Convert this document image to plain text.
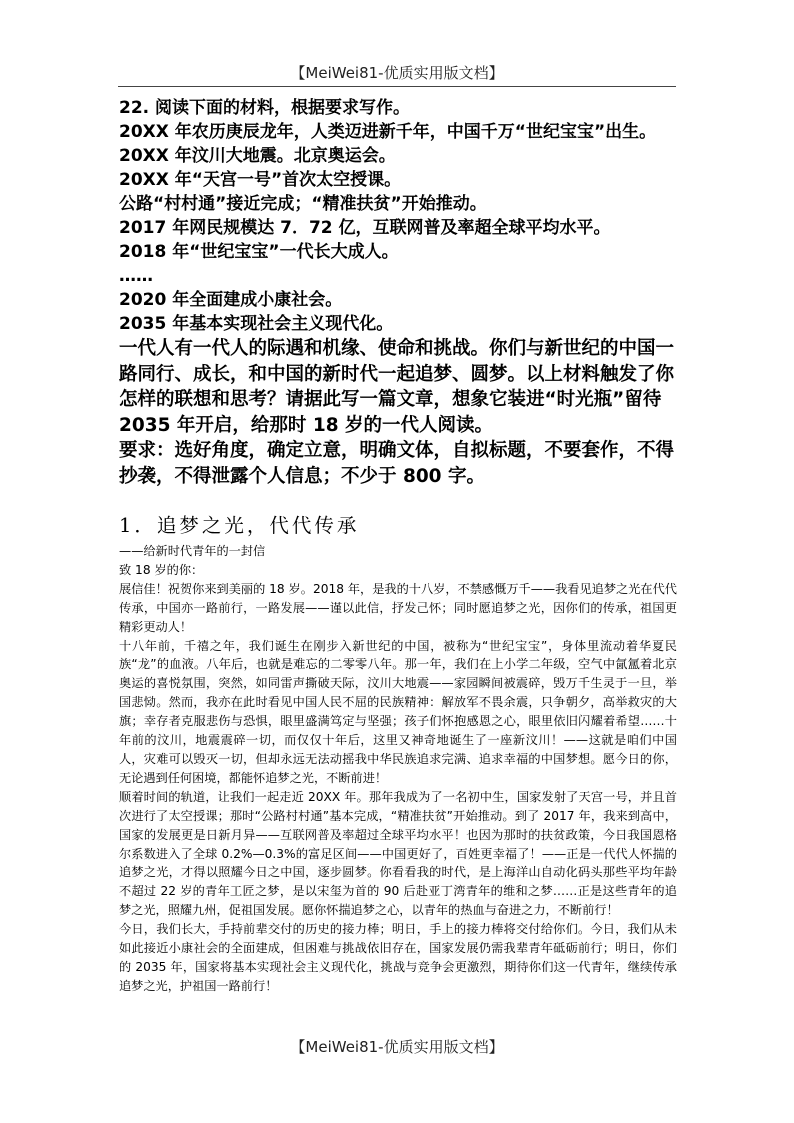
【MeiWei81-优质实用版文档】

22. 阅读下面的材料，根据要求写作。

20XX 年农历庚辰龙年，人类迈进新千年，中国千万“世纪宝宝”出生。

20XX 年汶川大地震。北京奥运会。

20XX 年“天宫一号”首次太空授课。

公路“村村通”接近完成；“精准扶贫”开始推动。

2017 年网民规模达 7．72 亿，互联网普及率超全球平均水平。

2018 年“世纪宝宝”一代长大成人。

……

2020 年全面建成小康社会。

2035 年基本实现社会主义现代化。

一代人有一代人的际遇和机缘、使命和挑战。你们与新世纪的中国一路同行、成长，和中国的新时代一起追梦、圆梦。以上材料触发了你怎样的联想和思考？请据此写一篇文章，想象它装进“时光瓶”留待 2035 年开启，给那时 18 岁的一代人阅读。

要求：选好角度，确定立意，明确文体，自拟标题，不要套作，不得抄袭，不得泄露个人信息；不少于 800 字。

1．追梦之光，代代传承

——给新时代青年的一封信

致 18 岁的你：

展信佳！祝贺你来到美丽的 18 岁。2018 年，是我的十八岁，不禁感慨万千——我看见追梦之光在代代传承，中国亦一路前行，一路发展——谨以此信，抒发己怀；同时愿追梦之光，因你们的传承，祖国更精彩更动人！

十八年前，千禧之年，我们诞生在刚步入新世纪的中国，被称为“世纪宝宝”，身体里流动着华夏民族“龙”的血液。八年后，也就是难忘的二零零八年。那一年，我们在上小学二年级，空气中氤氲着北京奥运的喜悦氛围，突然，如同雷声撕破天际，汶川大地震——家园瞬间被震碎，毁万千生灵于一旦，举国悲恸。然而，我亦在此时看见中国人民不屈的民族精神：解放军不畏余震，只争朝夕，高举救灾的大旗；幸存者克服悲伤与恐惧，眼里盛满笃定与坚强；孩子们怀抱感恩之心，眼里依旧闪耀着希望……十年前的汶川，地震震碎一切，而仅仅十年后，这里又神奇地诞生了一座新汶川！——这就是咱们中国人，灾难可以毁灭一切，但却永远无法动摇我中华民族追求完满、追求幸福的中国梦想。愿今日的你，无论遇到任何困境，都能怀追梦之光，不断前进！

顺着时间的轨道，让我们一起走近 20XX 年。那年我成为了一名初中生，国家发射了天宫一号，并且首次进行了太空授课；那时“公路村村通”基本完成，“精准扶贫”开始推动。到了 2017 年，我来到高中，国家的发展更是日新月异——互联网普及率超过全球平均水平！也因为那时的扶贫政策，今日我国恩格尔系数进入了全球 0.2%—0.3%的富足区间——中国更好了，百姓更幸福了！——正是一代代人怀揣的追梦之光，才得以照耀今日之中国，逐步圆梦。你看看我的时代，是上海洋山自动化码头那些平均年龄不超过 22 岁的青年工匠之梦，是以宋玺为首的 90 后赴亚丁湾青年的维和之梦……正是这些青年的追梦之光，照耀九州，促祖国发展。愿你怀揣追梦之心，以青年的热血与奋进之力，不断前行！

今日，我们长大，手持前辈交付的历史的接力棒；明日，手上的接力棒将交付给你们。今日，我们从未如此接近小康社会的全面建成，但困难与挑战依旧存在，国家发展仍需我辈青年砥砺前行；明日，你们的 2035 年，国家将基本实现社会主义现代化，挑战与竞争会更激烈，期待你们这一代青年，继续传承追梦之光，护祖国一路前行！

【MeiWei81-优质实用版文档】
